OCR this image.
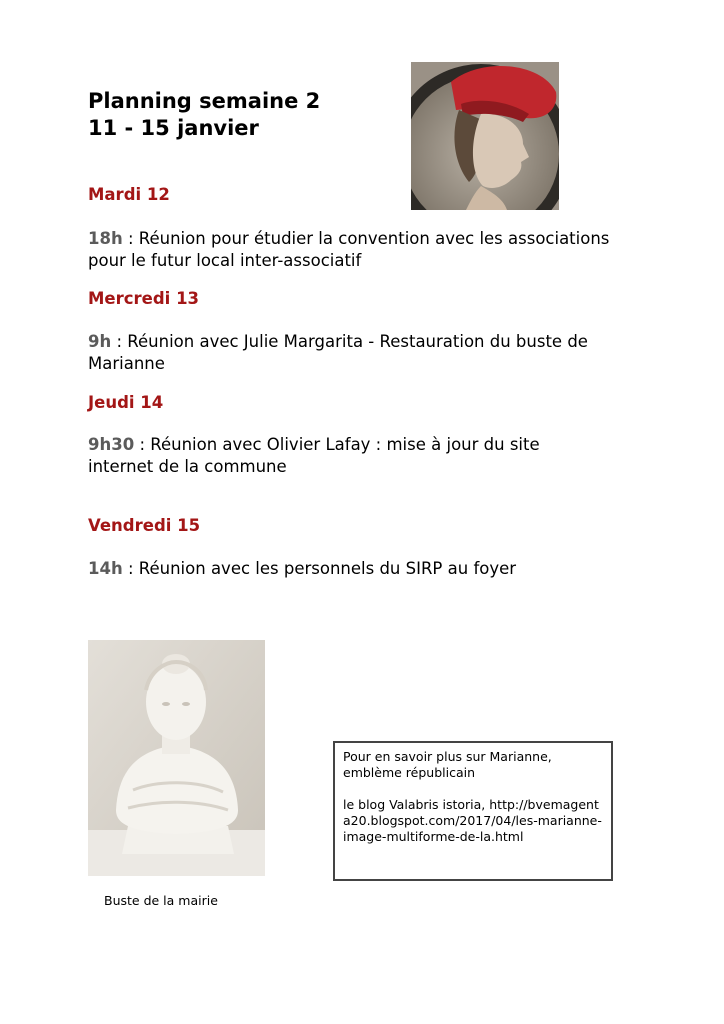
Planning semaine 2
11 - 15 janvier
Mardi 12
18h : Réunion pour étudier la convention avec les associations pour le futur local inter-associatif
Mercredi 13
9h : Réunion avec Julie Margarita - Restauration du buste de Marianne
Jeudi 14
9h30 : Réunion avec Olivier Lafay : mise à jour du site internet de la commune
Vendredi 15
14h : Réunion avec les personnels du SIRP au foyer

Pour en savoir plus sur Marianne, emblème républicain

le blog Valabris istoria, http://bvemagenta20.blogspot.com/2017/04/les-marianne-image-multiforme-de-la.html

Buste de la mairie
